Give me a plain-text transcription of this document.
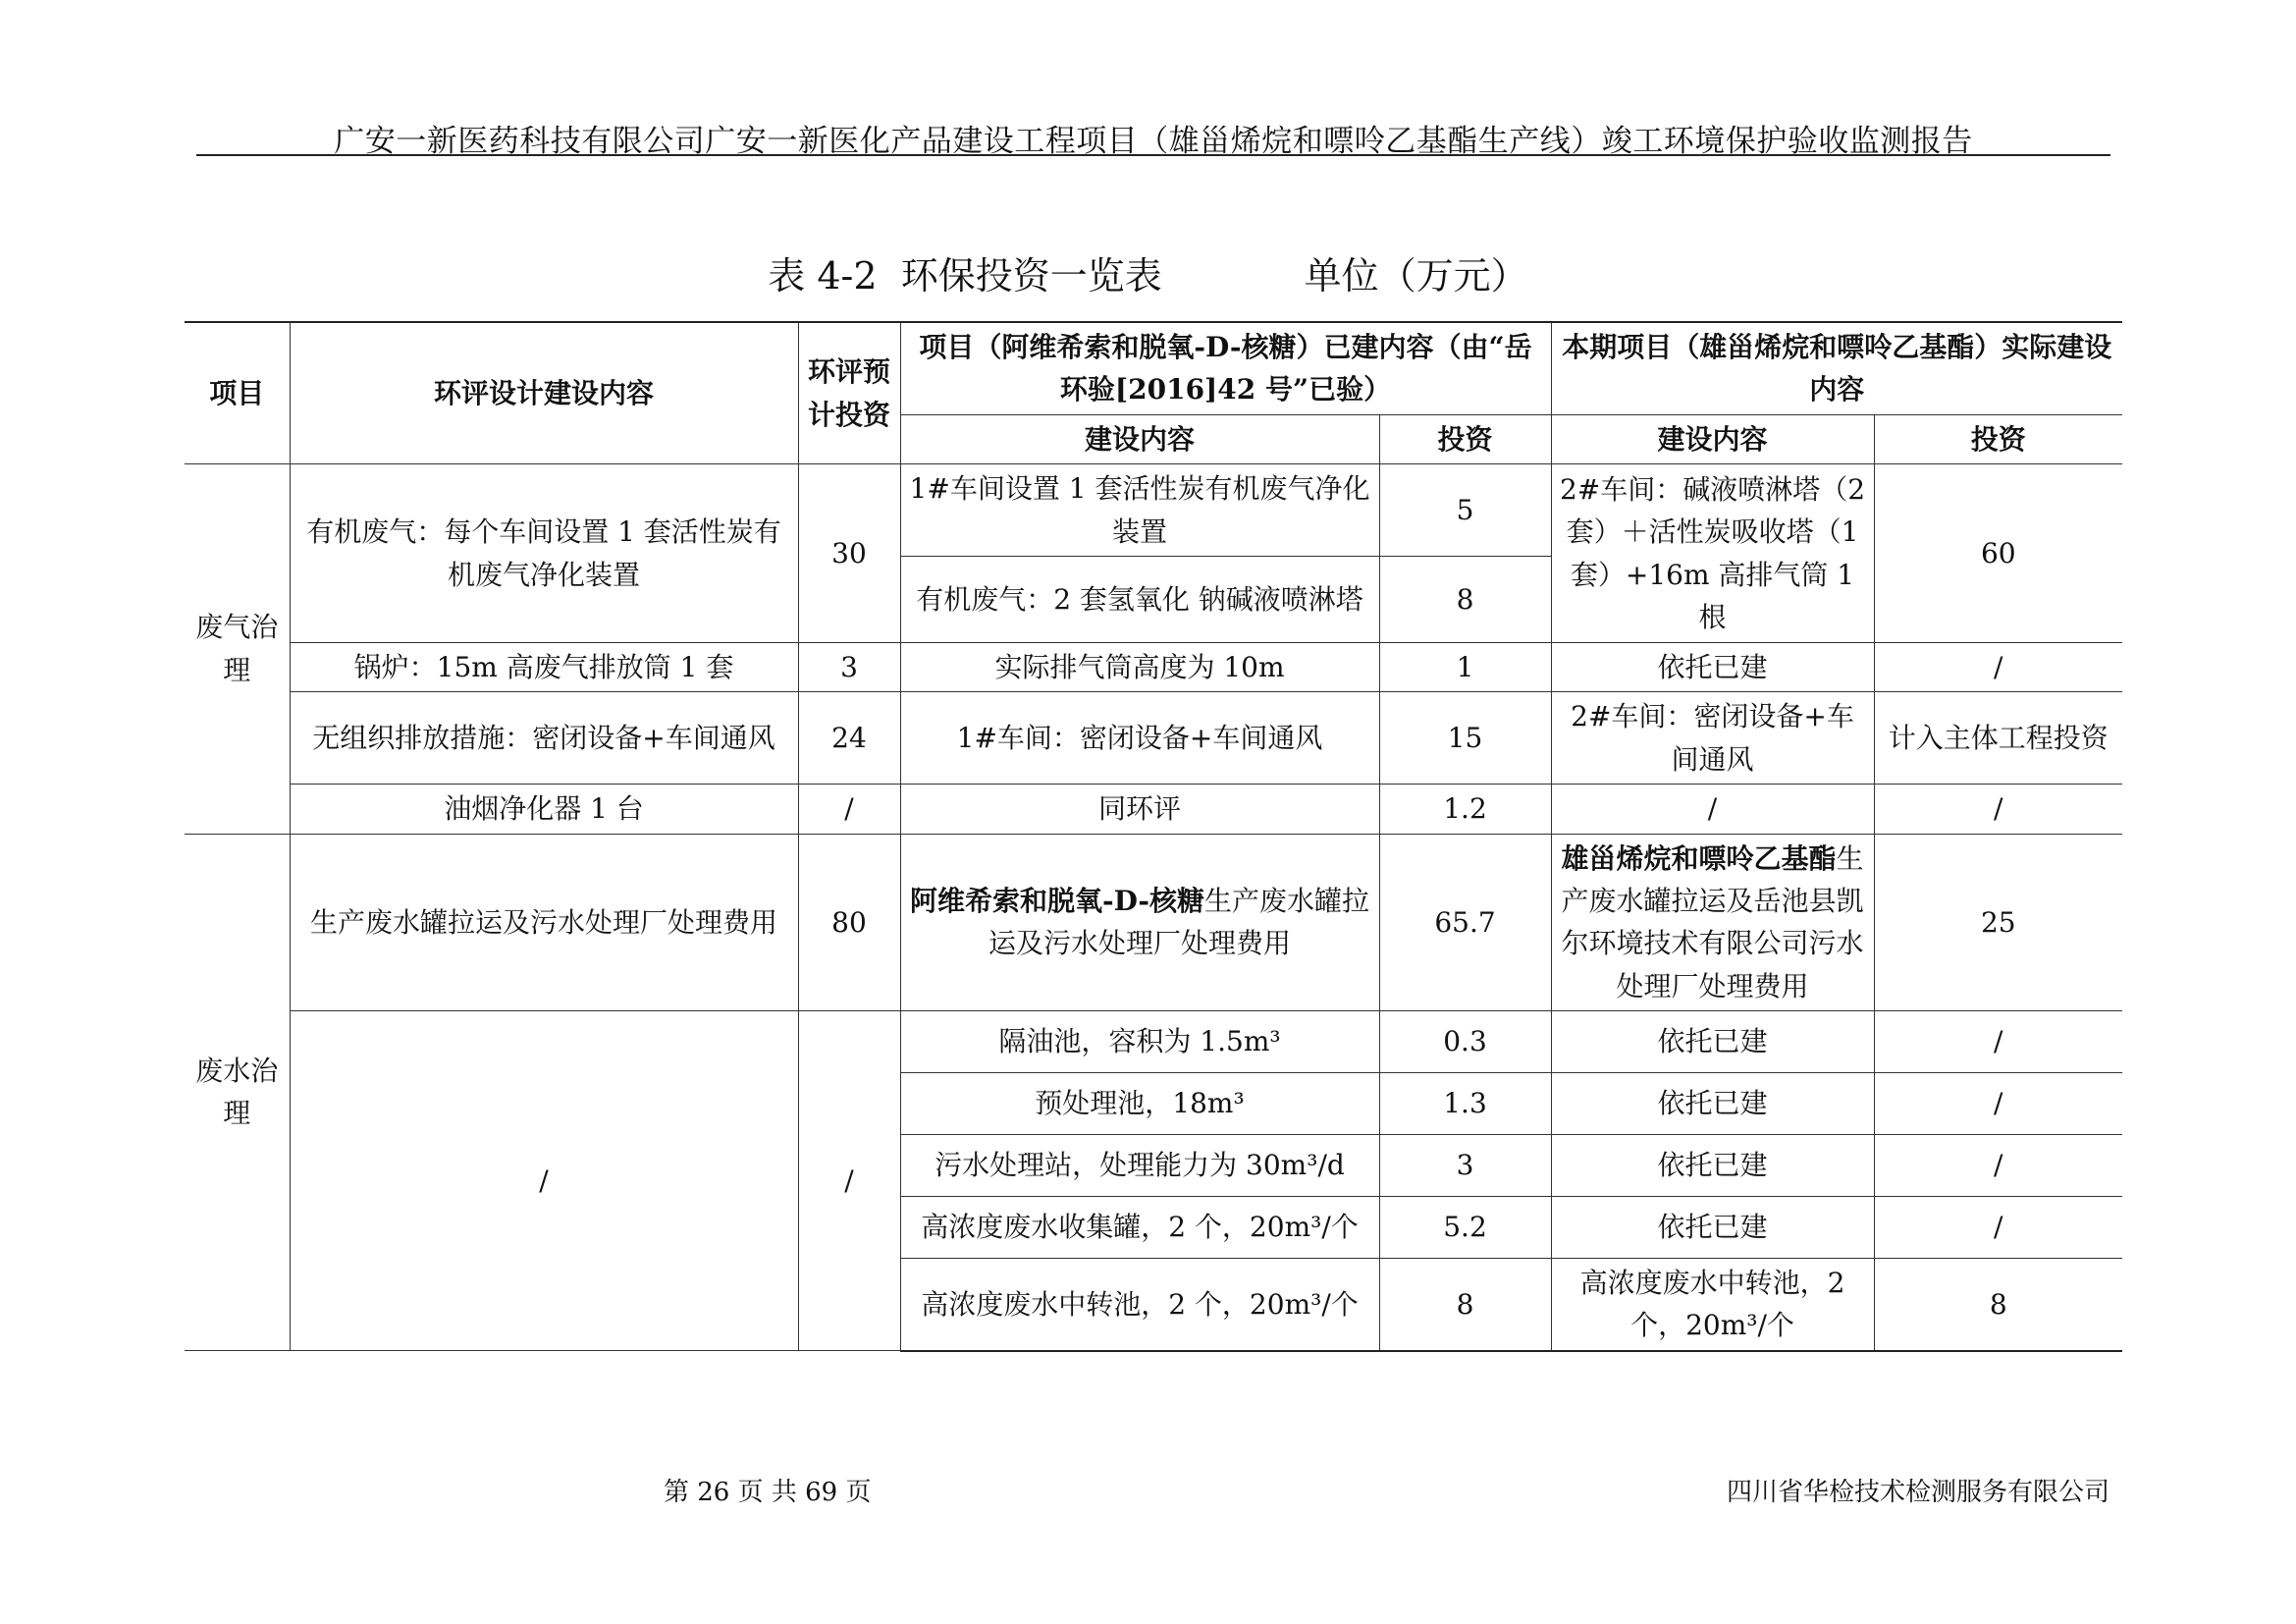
广安一新医药科技有限公司广安一新医化产品建设工程项目（雄甾烯烷和嘌呤乙基酯生产线）竣工环境保护验收监测报告
表 4-2  环保投资一览表            单位（万元）
项目	环评设计建设内容	环评预计投资	项目（阿维希索和脱氧-D-核糖）已建内容（由“岳环验[2016]42 号”已验）		本期项目（雄甾烯烷和嘌呤乙基酯）实际建设内容	
			建设内容	投资	建设内容	投资
废气治理	有机废气：每个车间设置 1 套活性炭有机废气净化装置	30	1#车间设置 1 套活性炭有机废气净化装置	5	2#车间：碱液喷淋塔（2 套）＋活性炭吸收塔（1 套）+16m 高排气筒 1 根	60
			有机废气：2 套氢氧化 钠碱液喷淋塔	8		
	锅炉：15m 高废气排放筒 1 套	3	实际排气筒高度为 10m	1	依托已建	/
	无组织排放措施：密闭设备+车间通风	24	1#车间：密闭设备+车间通风	15	2#车间：密闭设备+车间通风	计入主体工程投资
	油烟净化器 1 台	/	同环评	1.2	/	/
废水治理	生产废水罐拉运及污水处理厂处理费用	80	阿维希索和脱氧-D-核糖生产废水罐拉运及污水处理厂处理费用	65.7	雄甾烯烷和嘌呤乙基酯生产废水罐拉运及岳池县凯尔环境技术有限公司污水处理厂处理费用	25
	/	/	隔油池，容积为 1.5m³	0.3	依托已建	/
			预处理池，18m³	1.3	依托已建	/
			污水处理站，处理能力为 30m³/d	3	依托已建	/
			高浓度废水收集罐，2 个，20m³/个	5.2	依托已建	/
			高浓度废水中转池，2 个，20m³/个	8	高浓度废水中转池，2 个，20m³/个	8
第 26 页 共 69 页	四川省华检技术检测服务有限公司
